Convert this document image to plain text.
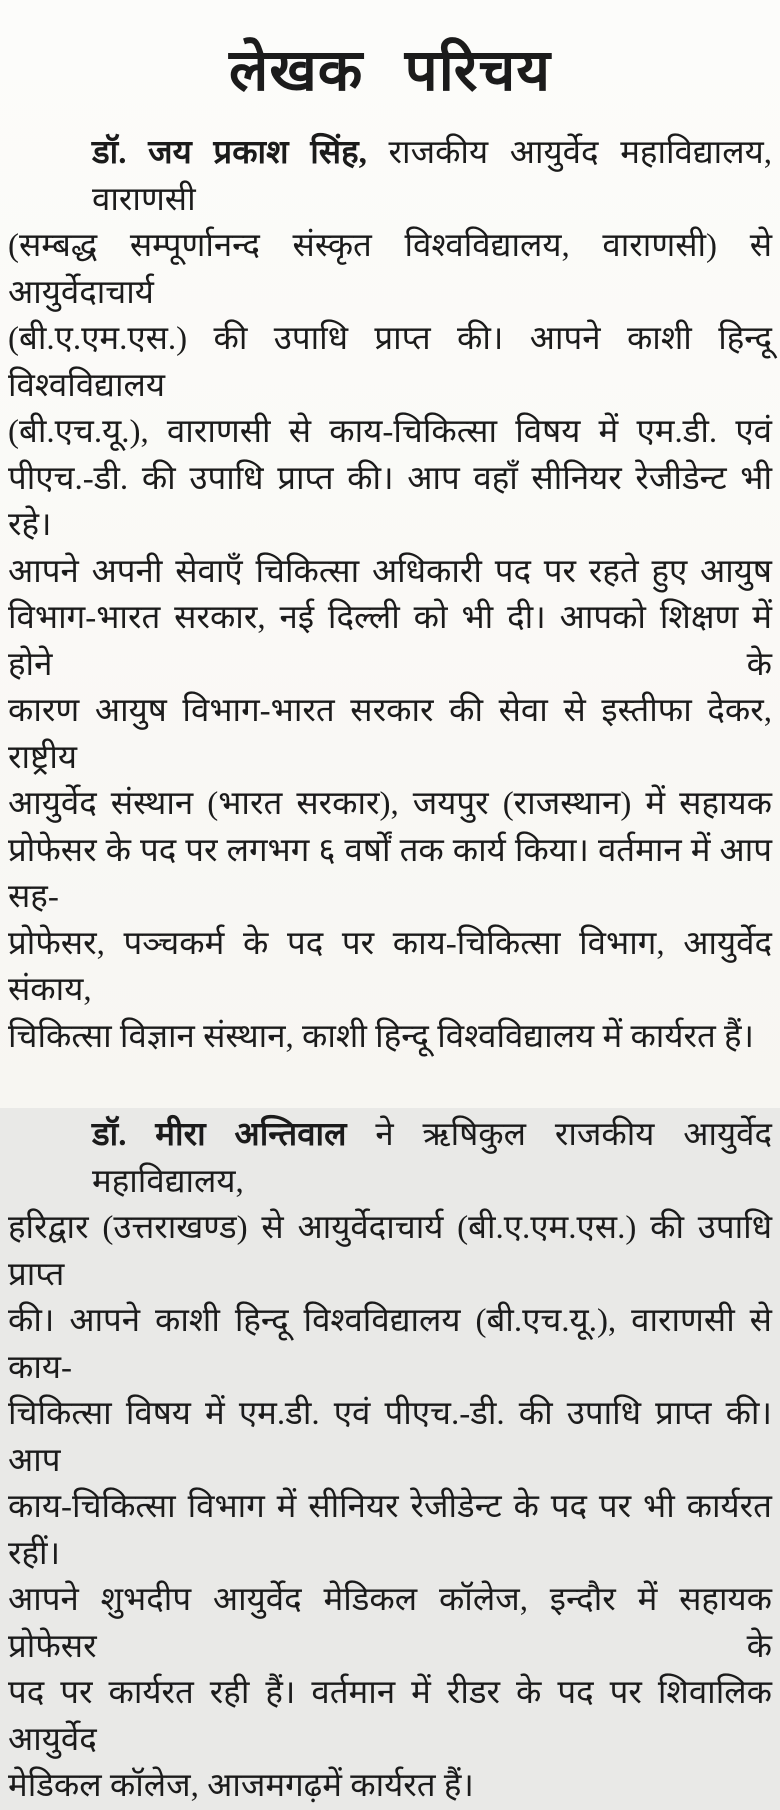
लेखक परिचय
डॉ. जय प्रकाश सिंह, राजकीय आयुर्वेद महाविद्यालय, वाराणसी
(सम्बद्ध सम्पूर्णानन्द संस्कृत विश्वविद्यालय, वाराणसी) से आयुर्वेदाचार्य
(बी.ए.एम.एस.) की उपाधि प्राप्त की। आपने काशी हिन्दू विश्वविद्यालय
(बी.एच.यू.), वाराणसी से काय-चिकित्सा विषय में एम.डी. एवं
पीएच.-डी. की उपाधि प्राप्त की। आप वहाँ सीनियर रेजीडेन्ट भी रहे।
आपने अपनी सेवाएँ चिकित्सा अधिकारी पद पर रहते हुए आयुष
विभाग-भारत सरकार, नई दिल्ली को भी दी। आपको शिक्षण में होने के
कारण आयुष विभाग-भारत सरकार की सेवा से इस्तीफा देकर, राष्ट्रीय
आयुर्वेद संस्थान (भारत सरकार), जयपुर (राजस्थान) में सहायक
प्रोफेसर के पद पर लगभग ६ वर्षों तक कार्य किया। वर्तमान में आप सह-
प्रोफेसर, पञ्चकर्म के पद पर काय-चिकित्सा विभाग, आयुर्वेद संकाय,
चिकित्सा विज्ञान संस्थान, काशी हिन्दू विश्वविद्यालय में कार्यरत हैं।
डॉ. मीरा अन्तिवाल ने ऋषिकुल राजकीय आयुर्वेद महाविद्यालय,
हरिद्वार (उत्तराखण्ड) से आयुर्वेदाचार्य (बी.ए.एम.एस.) की उपाधि प्राप्त
की। आपने काशी हिन्दू विश्वविद्यालय (बी.एच.यू.), वाराणसी से काय-
चिकित्सा विषय में एम.डी. एवं पीएच.-डी. की उपाधि प्राप्त की। आप
काय-चिकित्सा विभाग में सीनियर रेजीडेन्ट के पद पर भी कार्यरत रहीं।
आपने शुभदीप आयुर्वेद मेडिकल कॉलेज, इन्दौर में सहायक प्रोफेसर के
पद पर कार्यरत रही हैं। वर्तमान में रीडर के पद पर शिवालिक आयुर्वेद
मेडिकल कॉलेज, आजमगढ़में कार्यरत हैं।
